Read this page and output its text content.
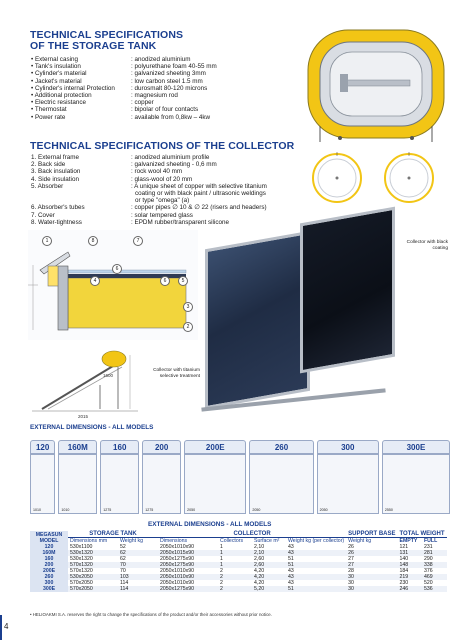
TECHNICAL SPECIFICATIONS
OF THE STORAGE TANK
• External casing	: anodized aluminium
• Tank's insulation	: polyurethane foam 40-55 mm
• Cylinder's material	: galvanized sheeting 3mm
• Jacket's material	: low carbon steel 1.5 mm
• Cylinder's internal Protection	: durosmalt 80-120 microns
• Additional protection	: magnesium rod
• Electric resistance	: copper
• Thermostat	: bipolar of four contacts
• Power rate	: available from 0,8kw – 4kw
TECHNICAL SPECIFICATIONS OF THE COLLECTOR
1. External frame	: anodized aluminium profile
2. Back side	: galvanized sheeting - 0,6 mm
3. Back insulation	: rock wool 40 mm
4. Side insulation	: glass-wool of 20 mm
5. Absorber	: A unique sheet of copper with selective titanium
coating or with black paint / ultrasonic weldings
or type "omega" (a)
6. Absorber's tubes	: copper pipes ∅ 10 & ∅ 22 (risers and headers)
7. Cover	: solar tempered glass
8. Water-tightness	: EPDM rubber/transparent silicone
1	8	7
6
4	6	5
3
2
1600
2015
Collector with black coating
Collector with titanium selective treatment
EXTERNAL DIMENSIONS - ALL MODELS
120	160M	160	200	200E	260	300	300E
1010	1010	1275	1275	2050	2050	2050	2550
EXTERNAL DIMENSIONS - ALL MODELS
MEGASUN
MODEL	STORAGE TANK		COLLECTOR				SUPPORT BASE	TOTAL WEIGHT	
	Dimensions mm	Weight kg	Dimensions	Collectors	Surface m²	Weight kg (per collector)	Weight kg	EMPTY	FULL
120	530x1100	52	2050x1010x90	1	2,10	43	26	121	231
160M	530x1320	62	2050x1015x90	1	2,10	43	26	131	281
160	530x1320	62	2050x1275x90	1	2,60	51	27	140	290
200	570x1320	70	2050x1275x90	1	2,60	51	27	148	338
200E	570x1320	70	2050x1010x90	2	4,20	43	28	184	376
260	530x2050	103	2050x1010x90	2	4,20	43	30	219	469
300	570x2050	114	2050x1010x90	2	4,20	43	30	230	520
300E	570x2050	114	2050x1275x90	2	5,20	51	30	246	536
• HELIOAKMI S.A. reserves the right to change the specifications of the product and/or their accessories without prior notice.
4
